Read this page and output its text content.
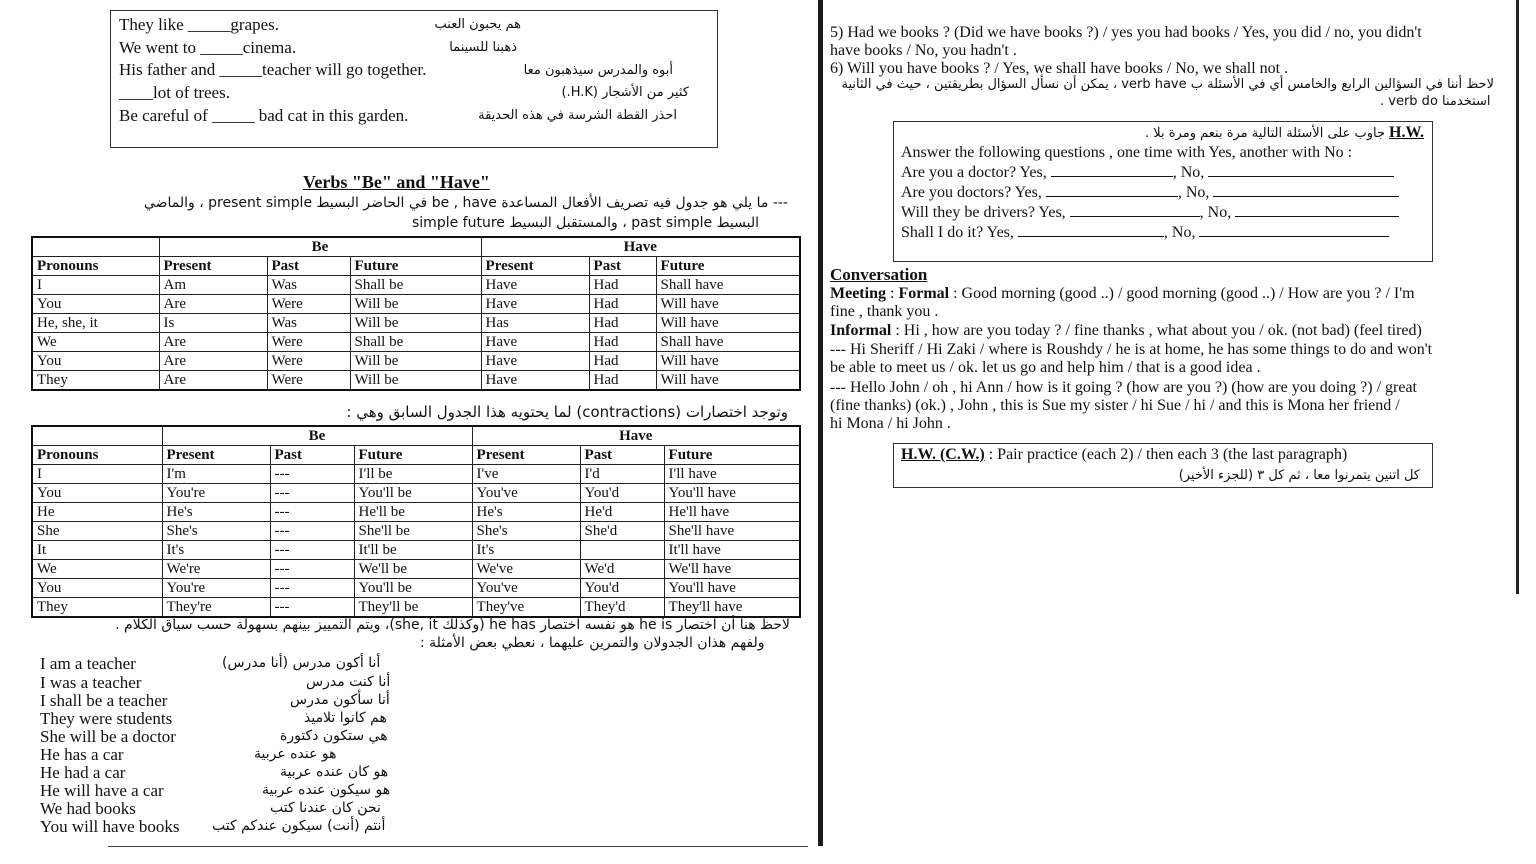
They like _____grapes.	هم يحبون العنب
We went to _____cinema.	ذهبنا للسينما
His father and _____teacher will go together.	أبوه والمدرس سيذهبون معا
____lot of trees.	كثير من الأشجار (H.K.)
Be careful of _____ bad cat in this garden.	احذر القطة الشرسة في هذه الحديقة
Verbs "Be" and "Have"
--- ما يلي هو جدول فيه تصريف الأفعال المساعدة be , have في الحاضر البسيط present simple ، والماضي
البسيط past simple ، والمستقبل البسيط simple future
	Be			Have		
Pronouns	Present	Past	Future	Present	Past	Future
I	Am	Was	Shall be	Have	Had	Shall have
You	Are	Were	Will be	Have	Had	Will have
He, she, it	Is	Was	Will be	Has	Had	Will have
We	Are	Were	Shall be	Have	Had	Shall have
You	Are	Were	Will be	Have	Had	Will have
They	Are	Were	Will be	Have	Had	Will have
وتوجد اختصارات (contractions) لما يحتويه هذا الجدول السابق وهي :
	Be			Have		
Pronouns	Present	Past	Future	Present	Past	Future
I	I'm	---	I'll be	I've	I'd	I'll have
You	You're	---	You'll be	You've	You'd	You'll have
He	He's	---	He'll be	He's	He'd	He'll have
She	She's	---	She'll be	She's	She'd	She'll have
It	It's	---	It'll be	It's		It'll have
We	We're	---	We'll be	We've	We'd	We'll have
You	You're	---	You'll be	You've	You'd	You'll have
They	They're	---	They'll be	They've	They'd	They'll have
لاحظ هنا أن اختصار he is هو نفسه اختصار he has (وكذلك she, it)، ويتم التمييز بينهم بسهولة حسب سياق الكلام .
ولفهم هذان الجدولان والتمرين عليهما ، نعطي بعض الأمثلة :
I am a teacher	أنا أكون مدرس (أنا مدرس)
I was a teacher	أنا كنت مدرس
I shall be a teacher	أنا سأكون مدرس
They were students	هم كانوا تلاميذ
She will be a doctor	هي ستكون دكتورة
He has a car	هو عنده عربية
He had a car	هو كان عنده عربية
He will have a car	هو سيكون عنده عربية
We had books	نحن كان عندنا كتب
You will have books أنتم (أنت) سيكون عندكم كتب
5) Had we books ? (Did we have books ?) / yes you had books / Yes, you did / no, you didn't
have books / No, you hadn't .
6) Will you have books ? / Yes, we shall have books / No, we shall not .
لاحظ أننا في السؤالين الرابع والخامس أي في الأسئلة ب verb have ، يمكن أن نسأل السؤال بطريقتين ، حيث في الثانية
استخدمنا verb do .
جاوب على الأسئلة التالية مرة بنعم ومرة بلا . H.W.
Answer the following questions , one time with Yes, another with No :
Are you a doctor? Yes,	, No,
Are you doctors? Yes,	, No,
Will they be drivers? Yes,	, No,
Shall I do it? Yes,	, No,
Conversation
Meeting : Formal : Good morning (good ..) / good morning (good ..) / How are you ? / I'm
fine , thank you .
Informal : Hi , how are you today ? / fine thanks , what about you / ok. (not bad) (feel tired)
--- Hi Sheriff / Hi Zaki / where is Roushdy / he is at home, he has some things to do and won't
be able to meet us / ok. let us go and help him / that is a good idea .
--- Hello John / oh , hi Ann / how is it going ? (how are you ?) (how are you doing ?) / great
(fine thanks) (ok.) , John , this is Sue my sister / hi Sue / hi / and this is Mona her friend /
hi Mona / hi John .
H.W. (C.W.) : Pair practice (each 2) / then each 3 (the last paragraph)
كل اتنين يتمرنوا معا ، ثم كل ٣ (للجزء الأخير)
